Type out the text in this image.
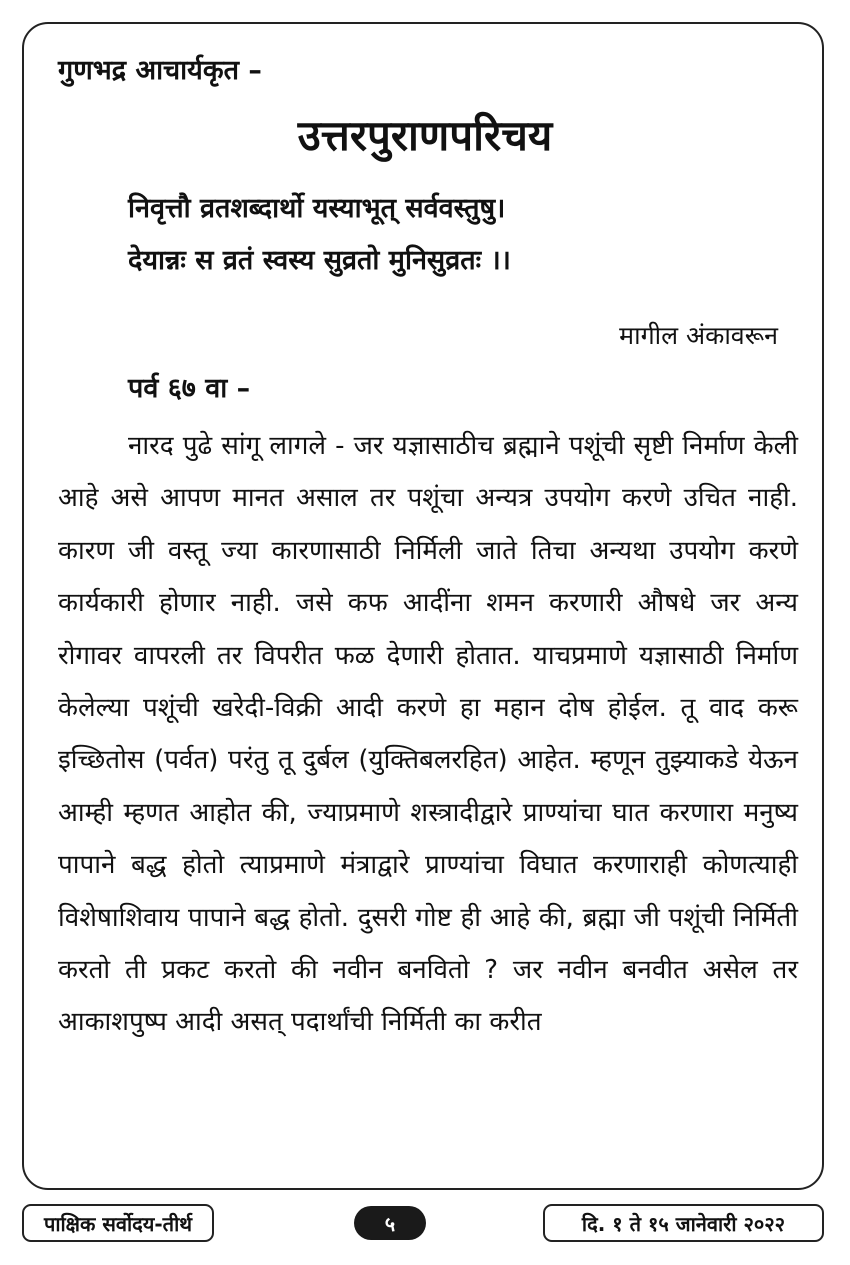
गुणभद्र आचार्यकृत –
उत्तरपुराणपरिचय
निवृत्तौ व्रतशब्दार्थो यस्याभूत् सर्ववस्तुषु।
देयान्नः स व्रतं स्वस्य सुव्रतो मुनिसुव्रतः ।।
मागील अंकावरून
पर्व ६७ वा –

नारद पुढे सांगू लागले - जर यज्ञासाठीच ब्रह्माने पशूंची सृष्टी निर्माण केली आहे असे आपण मानत असाल तर पशूंचा अन्यत्र उपयोग करणे उचित नाही. कारण जी वस्तू ज्या कारणासाठी निर्मिली जाते तिचा अन्यथा उपयोग करणे कार्यकारी होणार नाही. जसे कफ आदींना शमन करणारी औषधे जर अन्य रोगावर वापरली तर विपरीत फळ देणारी होतात. याचप्रमाणे यज्ञासाठी निर्माण केलेल्या पशूंची खरेदी-विक्री आदी करणे हा महान दोष होईल. तू वाद करू इच्छितोस (पर्वत) परंतु तू दुर्बल (युक्तिबलरहित) आहेत. म्हणून तुझ्याकडे येऊन आम्ही म्हणत आहोत की, ज्याप्रमाणे शस्त्रादीद्वारे प्राण्यांचा घात करणारा मनुष्य पापाने बद्ध होतो त्याप्रमाणे मंत्राद्वारे प्राण्यांचा विघात करणाराही कोणत्याही विशेषाशिवाय पापाने बद्ध होतो. दुसरी गोष्ट ही आहे की, ब्रह्मा जी पशूंची निर्मिती करतो ती प्रकट करतो की नवीन बनवितो ? जर नवीन बनवीत असेल तर आकाशपुष्प आदी असत् पदार्थांची निर्मिती का करीत

पाक्षिक सर्वोदय-तीर्थ	५	दि. १ ते १५ जानेवारी २०२२
